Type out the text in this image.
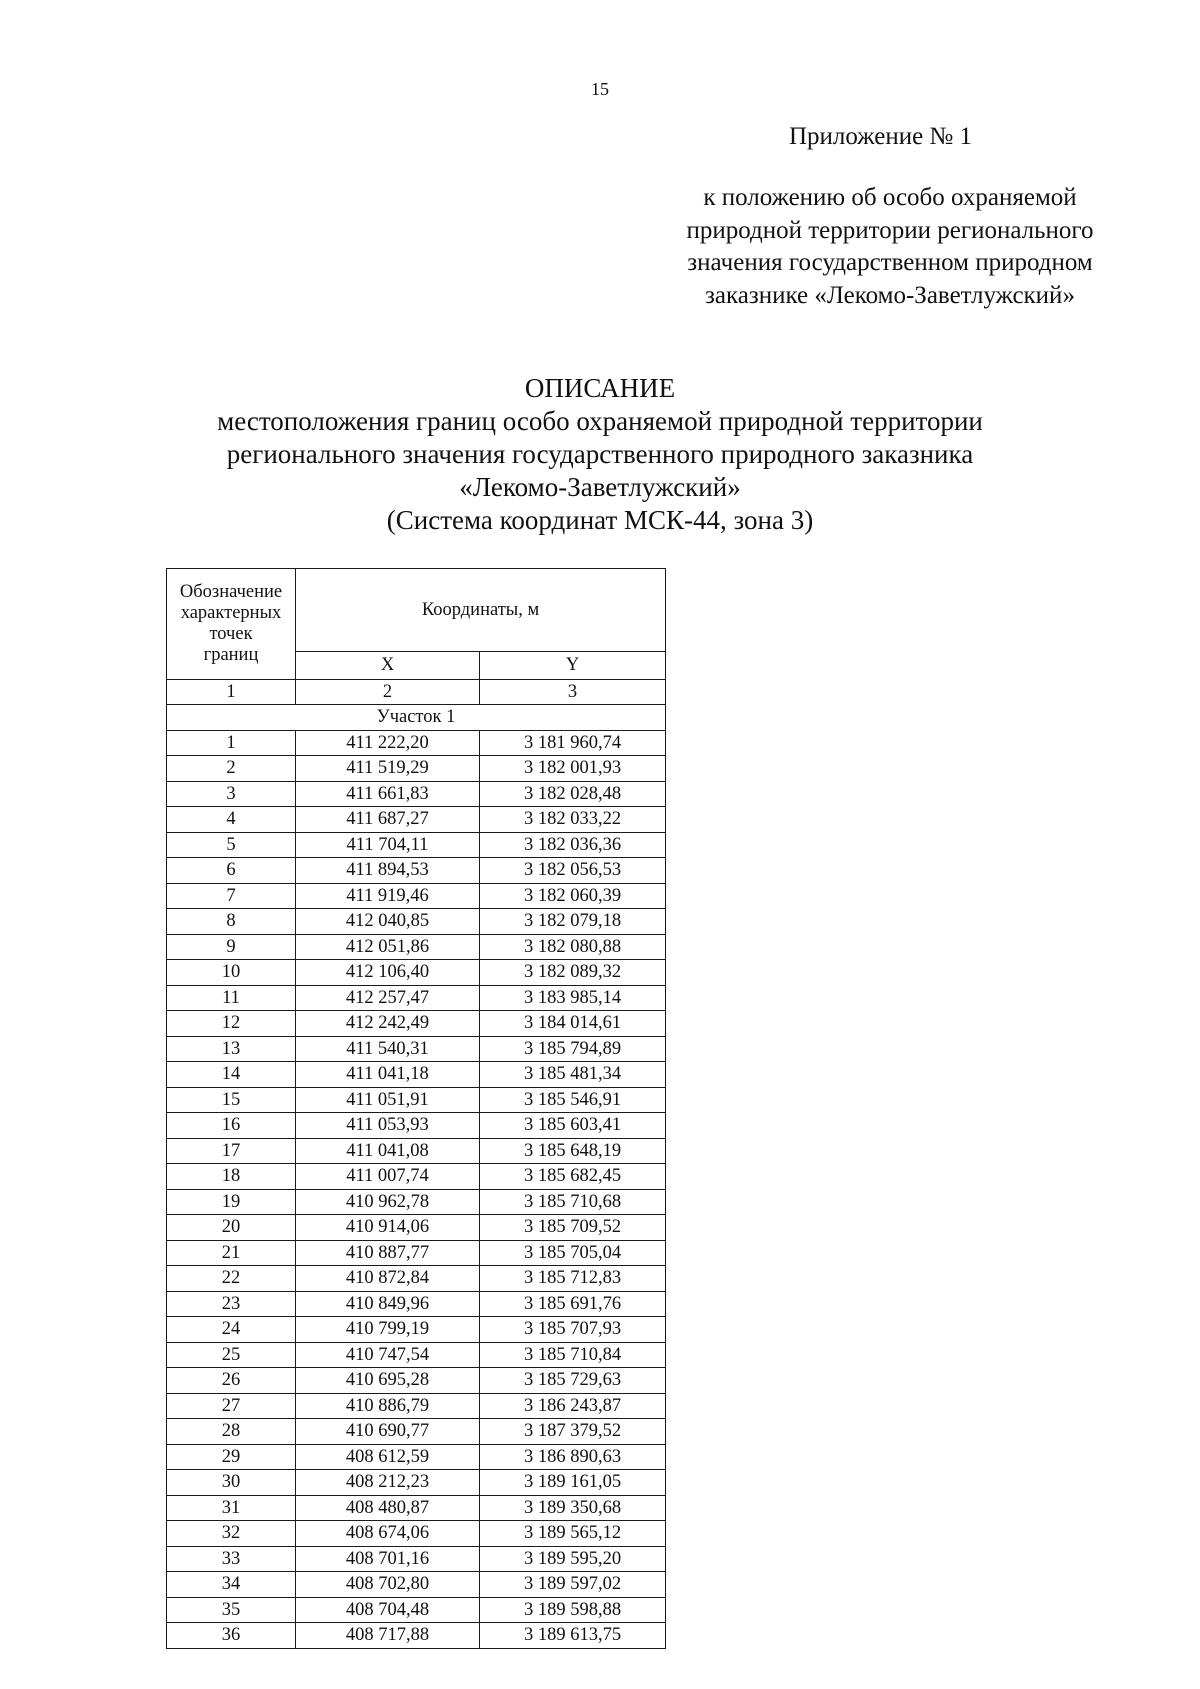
15
Приложение № 1
к положению об особо охраняемой
природной территории регионального
значения государственном природном
заказнике «Лекомо-Заветлужский»
ОПИСАНИЕ
местоположения границ особо охраняемой природной территории
регионального значения государственного природного заказника
«Лекомо-Заветлужский»
(Система координат МСК-44, зона 3)
Обозначение
характерных
точек
границ	Координаты, м	
	X	Y
1	2	3
Участок 1		
1	411 222,20	3 181 960,74
2	411 519,29	3 182 001,93
3	411 661,83	3 182 028,48
4	411 687,27	3 182 033,22
5	411 704,11	3 182 036,36
6	411 894,53	3 182 056,53
7	411 919,46	3 182 060,39
8	412 040,85	3 182 079,18
9	412 051,86	3 182 080,88
10	412 106,40	3 182 089,32
11	412 257,47	3 183 985,14
12	412 242,49	3 184 014,61
13	411 540,31	3 185 794,89
14	411 041,18	3 185 481,34
15	411 051,91	3 185 546,91
16	411 053,93	3 185 603,41
17	411 041,08	3 185 648,19
18	411 007,74	3 185 682,45
19	410 962,78	3 185 710,68
20	410 914,06	3 185 709,52
21	410 887,77	3 185 705,04
22	410 872,84	3 185 712,83
23	410 849,96	3 185 691,76
24	410 799,19	3 185 707,93
25	410 747,54	3 185 710,84
26	410 695,28	3 185 729,63
27	410 886,79	3 186 243,87
28	410 690,77	3 187 379,52
29	408 612,59	3 186 890,63
30	408 212,23	3 189 161,05
31	408 480,87	3 189 350,68
32	408 674,06	3 189 565,12
33	408 701,16	3 189 595,20
34	408 702,80	3 189 597,02
35	408 704,48	3 189 598,88
36	408 717,88	3 189 613,75
